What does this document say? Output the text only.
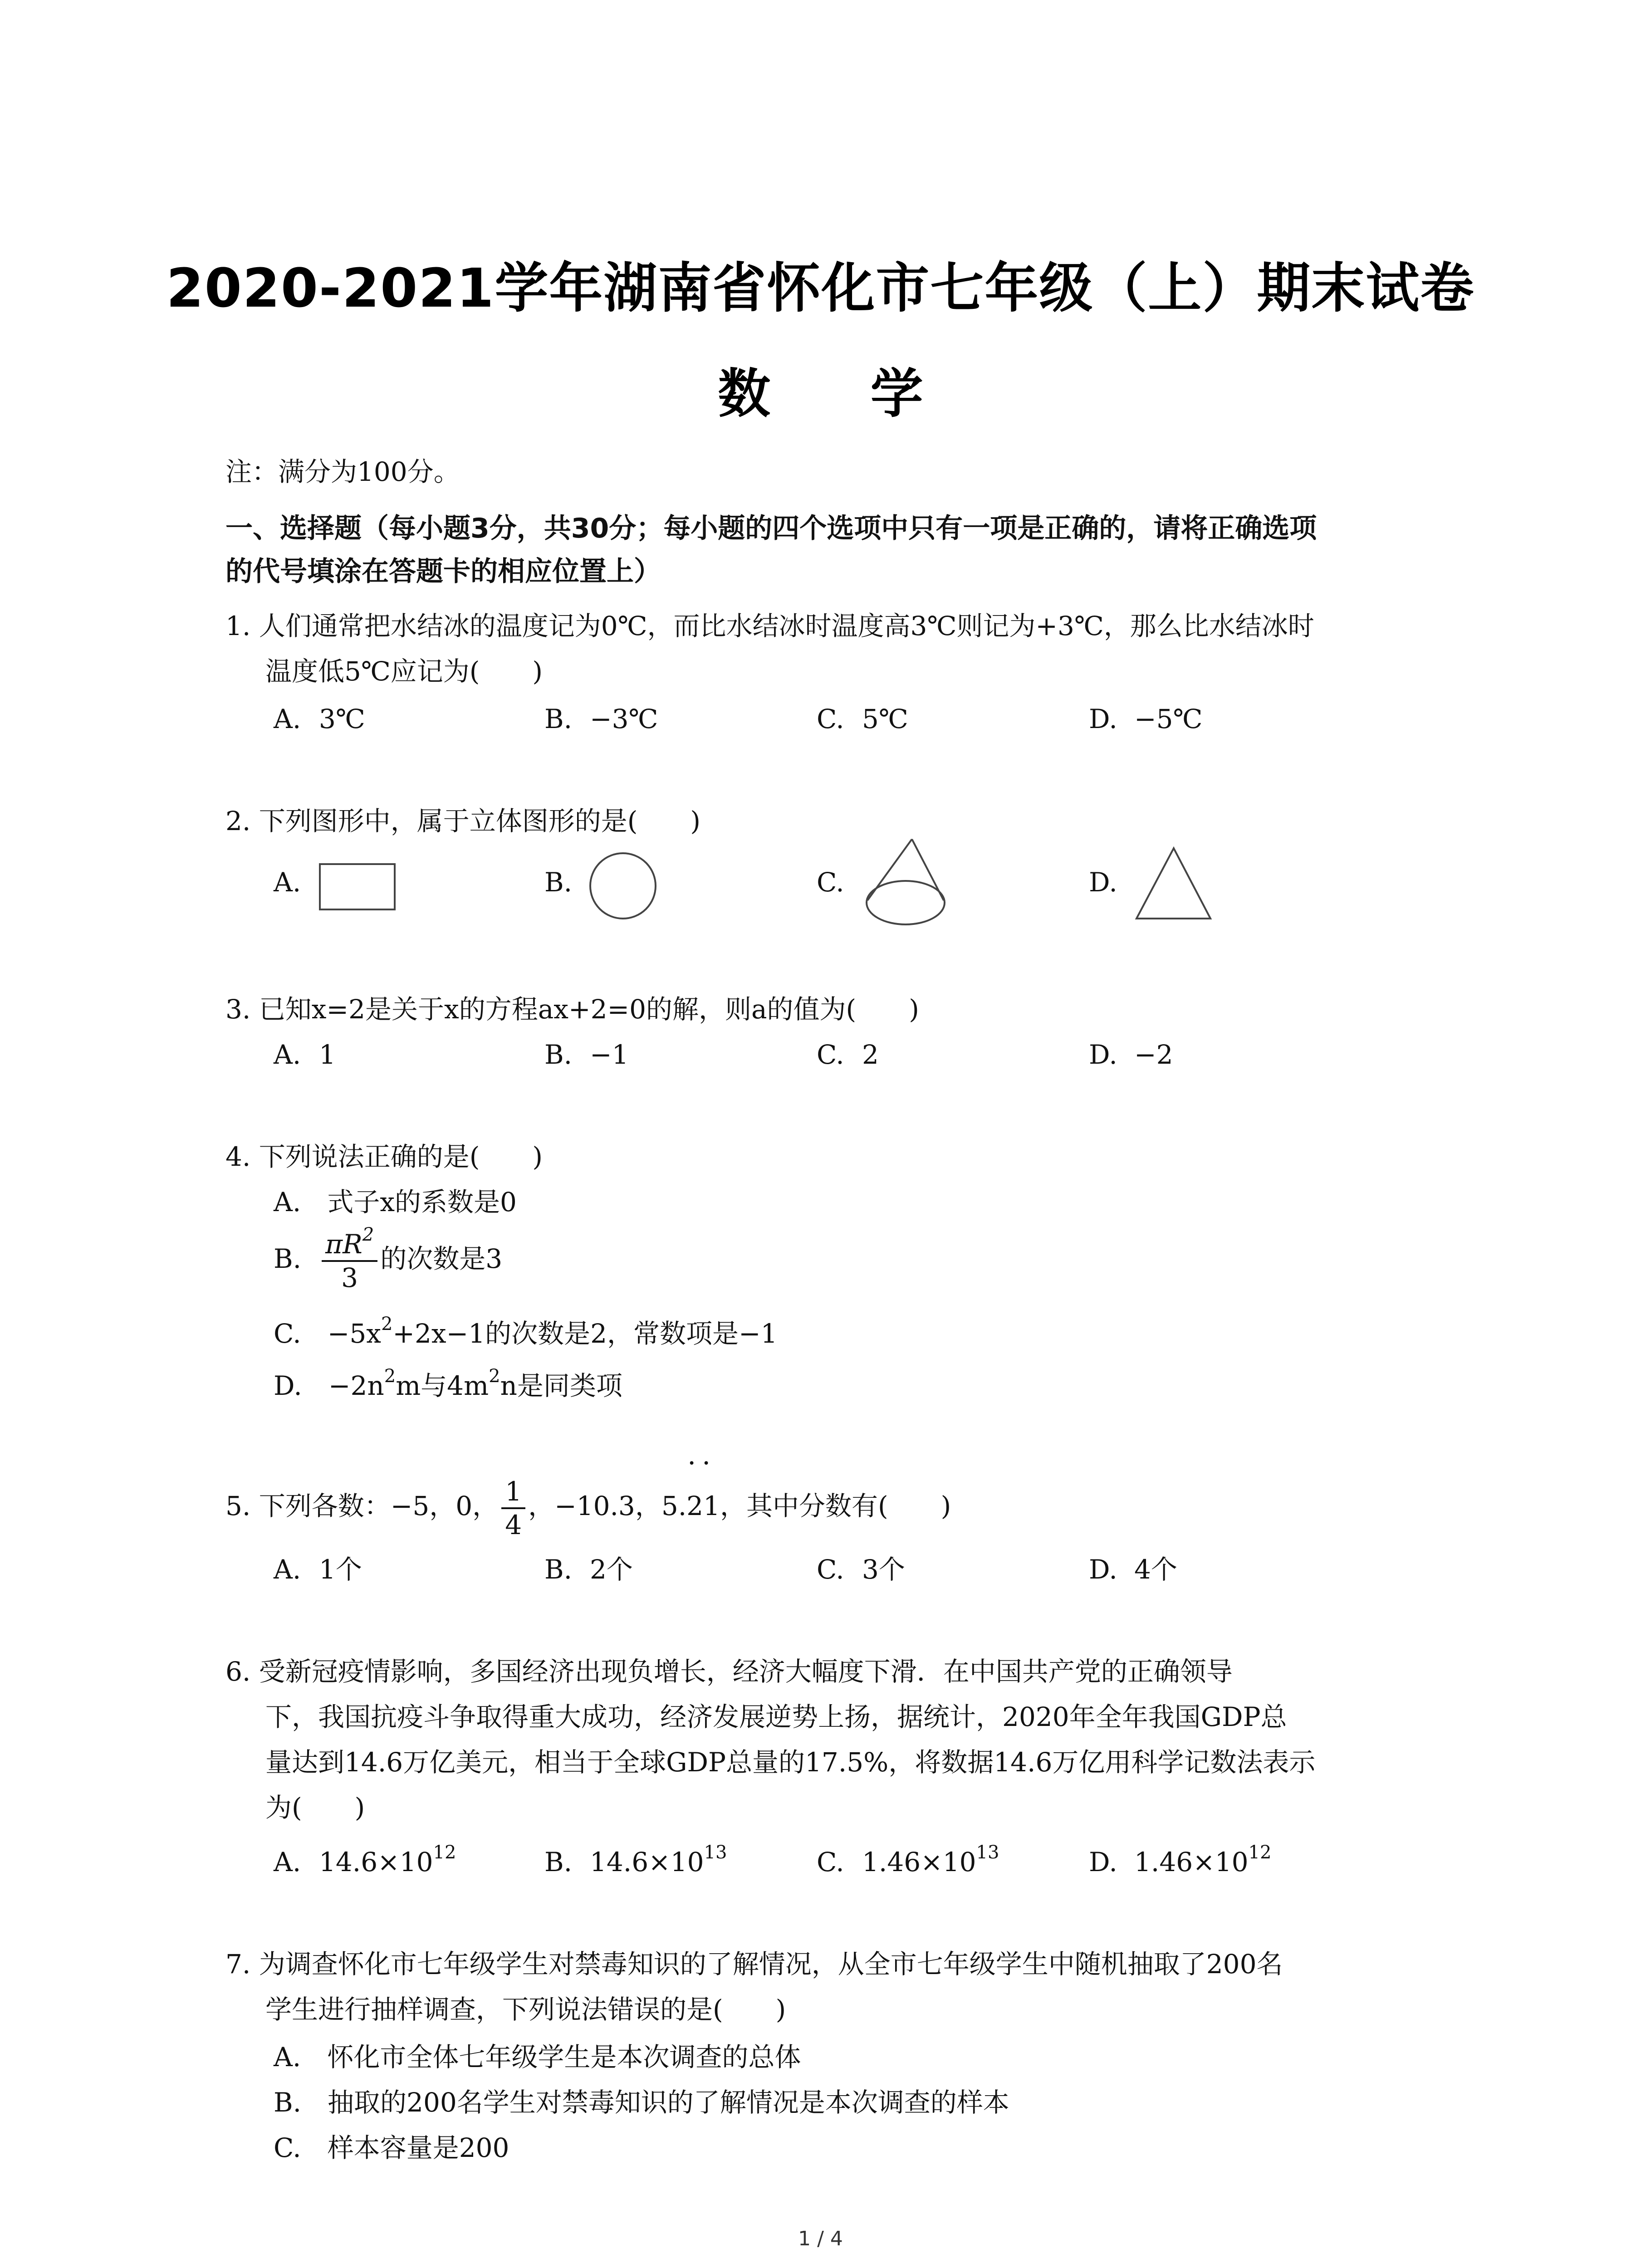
2020-2021学年湖南省怀化市七年级（上）期末试卷
数 学
注：满分为100分。
一、选择题（每小题3分，共30分；每小题的四个选项中只有一项是正确的，请将正确选项
的代号填涂在答题卡的相应位置上）
1. 人们通常把水结冰的温度记为0℃，而比水结冰时温度高3℃则记为+3℃，那么比水结冰时
温度低5℃应记为(　　)
A. 3℃	B. −3℃	C. 5℃	D. −5℃
2. 下列图形中，属于立体图形的是(　　)
A.	B.	C.	D.
3. 已知x=2是关于x的方程ax+2=0的解，则a的值为(　　)
A. 1	B. −1	C. 2	D. −2
4. 下列说法正确的是(　　)
A.　式子x的系数是0
B. $\frac{\pi R^2}{3}$ 的次数是3
C.　$-5x^2+2x-1$的次数是2，常数项是−1
D.　$-2n^2m$与$4m^2n$是同类项
5. 下列各数：−5，0， $\frac{1}{4}$ ，−10.3，5.
· ·
21，其中分数有(　　)
A. 1个	B. 2个	C. 3个	D. 4个
6. 受新冠疫情影响，多国经济出现负增长，经济大幅度下滑．在中国共产党的正确领导
下，我国抗疫斗争取得重大成功，经济发展逆势上扬，据统计，2020年全年我国GDP总
量达到14.6万亿美元，相当于全球GDP总量的17.5%，将数据14.6万亿用科学记数法表示
为(　　)
A. $14.6\times 10^{12}$	B. $14.6\times 10^{13}$	C. $1.46\times 10^{13}$	D. $1.46\times 10^{12}$
7. 为调查怀化市七年级学生对禁毒知识的了解情况，从全市七年级学生中随机抽取了200名
学生进行抽样调查，下列说法错误的是(　　)
A.　怀化市全体七年级学生是本次调查的总体
B.　抽取的200名学生对禁毒知识的了解情况是本次调查的样本
C.　样本容量是200
1 / 4
